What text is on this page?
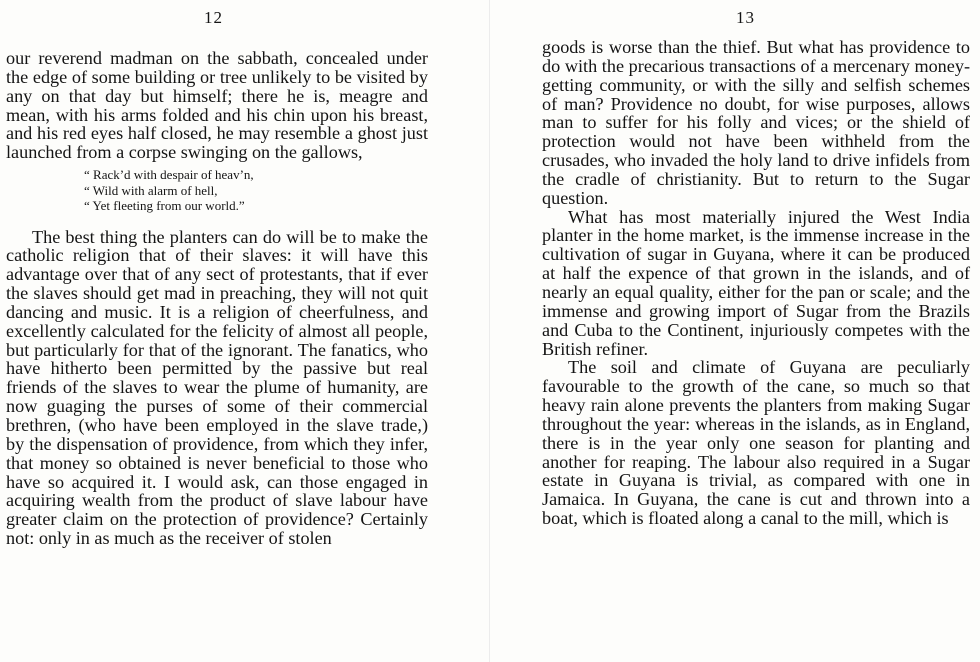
12

our reverend madman on the sabbath, concealed under the edge of some building or tree unlikely to be visited by any on that day but himself; there he is, meagre and mean, with his arms folded and his chin upon his breast, and his red eyes half closed, he may resemble a ghost just launched from a corpse swinging on the gallows,

“ Rack’d with despair of heav’n,
“ Wild with alarm of hell,
“ Yet fleeting from our world.”

The best thing the planters can do will be to make the catholic religion that of their slaves: it will have this advantage over that of any sect of protestants, that if ever the slaves should get mad in preaching, they will not quit dancing and music. It is a religion of cheerfulness, and excellently calculated for the felicity of almost all people, but particularly for that of the ignorant. The fanatics, who have hitherto been permitted by the passive but real friends of the slaves to wear the plume of humanity, are now guaging the purses of some of their commercial brethren, (who have been employed in the slave trade,) by the dispensation of providence, from which they infer, that money so obtained is never beneficial to those who have so acquired it. I would ask, can those engaged in acquiring wealth from the product of slave labour have greater claim on the protection of providence? Certainly not: only in as much as the receiver of stolen

13

goods is worse than the thief. But what has providence to do with the precarious transactions of a mercenary money-getting community, or with the silly and selfish schemes of man? Providence no doubt, for wise purposes, allows man to suffer for his folly and vices; or the shield of protection would not have been withheld from the crusades, who invaded the holy land to drive infidels from the cradle of christianity. But to return to the Sugar question.

What has most materially injured the West India planter in the home market, is the immense increase in the cultivation of sugar in Guyana, where it can be produced at half the expence of that grown in the islands, and of nearly an equal quality, either for the pan or scale; and the immense and growing import of Sugar from the Brazils and Cuba to the Continent, injuriously competes with the British refiner.

The soil and climate of Guyana are peculiarly favourable to the growth of the cane, so much so that heavy rain alone prevents the planters from making Sugar throughout the year: whereas in the islands, as in England, there is in the year only one season for planting and another for reaping. The labour also required in a Sugar estate in Guyana is trivial, as compared with one in Jamaica. In Guyana, the cane is cut and thrown into a boat, which is floated along a canal to the mill, which is
